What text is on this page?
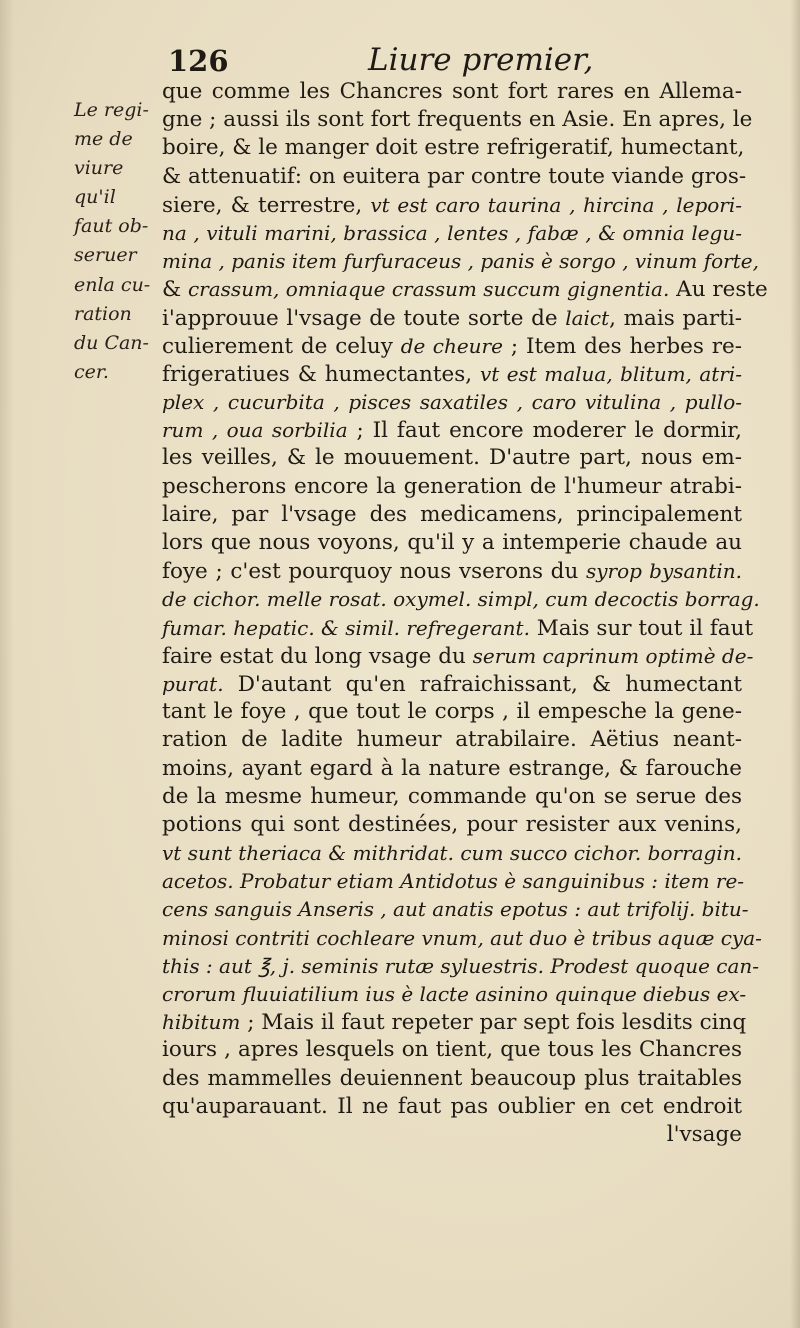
126	Liure premier,
Le regi-
me de
viure
qu'il
faut ob-
seruer
enla cu-
ration
du Can-
cer.
que comme les Chancres sont fort rares en Allema-
gne ; aussi ils sont fort frequents en Asie. En apres, le
boire, & le manger doit estre refrigeratif, humectant,
& attenuatif: on euitera par contre toute viande gros-
siere, & terrestre, vt est caro taurina , hircina , lepori-
na , vituli marini, brassica , lentes , fabæ , & omnia legu-
mina , panis item furfuraceus , panis è sorgo , vinum forte,
& crassum, omniaque crassum succum gignentia. Au reste
i'approuue l'vsage de toute sorte de laict, mais parti-
culierement de celuy de cheure ; Item des herbes re-
frigeratiues & humectantes, vt est malua, blitum, atri-
plex , cucurbita , pisces saxatiles , caro vitulina , pullo-
rum , oua sorbilia ; Il faut encore moderer le dormir,
les veilles, & le mouuement. D'autre part, nous em-
pescherons encore la generation de l'humeur atrabi-
laire, par l'vsage des medicamens, principalement
lors que nous voyons, qu'il y a intemperie chaude au
foye ; c'est pourquoy nous vserons du syrop bysantin.
de cichor. melle rosat. oxymel. simpl, cum decoctis borrag.
fumar. hepatic. & simil. refregerant. Mais sur tout il faut
faire estat du long vsage du serum caprinum optimè de-
purat. D'autant qu'en rafraichissant, & humectant
tant le foye , que tout le corps , il empesche la gene-
ration de ladite humeur atrabilaire. Aëtius neant-
moins, ayant egard à la nature estrange, & farouche
de la mesme humeur, commande qu'on se serue des
potions qui sont destinées, pour resister aux venins,
vt sunt theriaca & mithridat. cum succo cichor. borragin.
acetos. Probatur etiam Antidotus è sanguinibus : item re-
cens sanguis Anseris , aut anatis epotus : aut trifolij. bitu-
minosi contriti cochleare vnum, aut duo è tribus aquæ cya-
this : aut ℥, j. seminis rutæ syluestris. Prodest quoque can-
crorum fluuiatilium ius è lacte asinino quinque diebus ex-
hibitum ; Mais il faut repeter par sept fois lesdits cinq
iours , apres lesquels on tient, que tous les Chancres
des mammelles deuiennent beaucoup plus traitables
qu'auparauant. Il ne faut pas oublier en cet endroit
l'vsage
